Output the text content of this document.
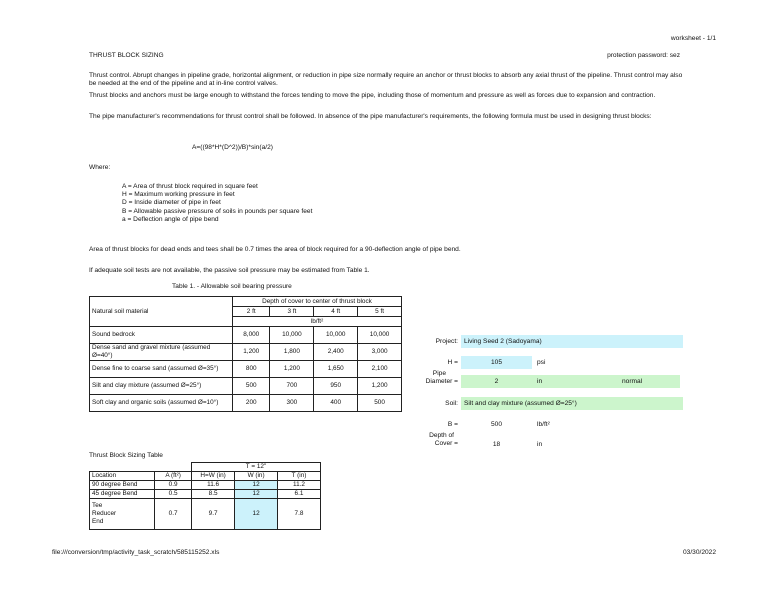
worksheet - 1/1
THRUST BLOCK SIZING	protection password: sez

Thrust control. Abrupt changes in pipeline grade, horizontal alignment, or reduction in pipe size normally require an anchor or thrust blocks to absorb any axial thrust of the pipeline. Thrust control may also be needed at the end of the pipeline and at in-line control valves.

Thrust blocks and anchors must be large enough to withstand the forces tending to move the pipe, including those of momentum and pressure as well as forces due to expansion and contraction.

The pipe manufacturer's recommendations for thrust control shall be followed. In absence of the pipe manufacturer's requirements, the following formula must be used in designing thrust blocks:

A=((98*H*(D^2))/B)*sin(a/2)
Where:
A = Area of thrust block required in square feet
H = Maximum working pressure in feet
D = Inside diameter of pipe in feet
B = Allowable passive pressure of soils in pounds per square feet
a = Deflection angle of pipe bend
Area of thrust blocks for dead ends and tees shall be 0.7 times the area of block required for a 90-deflection angle of pipe bend.
If adequate soil tests are not available, the passive soil pressure may be estimated from Table 1.
Table 1. - Allowable soil bearing pressure
Natural soil material	Depth of cover to center of thrust block			
	2 ft	3 ft	4 ft	5 ft
	lb/ft²			
Sound bedrock	8,000	10,000	10,000	10,000
Dense sand and gravel mixture (assumed Ø=40°)	1,200	1,800	2,400	3,000
Dense fine to coarse sand (assumed Ø=35°)	800	1,200	1,650	2,100
Silt and clay mixture (assumed Ø=25°)	500	700	950	1,200
Soft clay and organic soils (assumed Ø=10°)	200	300	400	500
Project: Living Seed 2 (Sadoyama)
H =	105	psi
Pipe
Diameter =	2	in	normal
Soil: Silt and clay mixture (assumed Ø=25°)
B =	500	lb/ft²
Depth of
Cover =	18	in
Thrust Block Sizing Table
		T = 12"		
Location	A (ft²)	H=W (in)	W (in)	T (in)
90 degree Bend	0.9	11.6	12	11.2
45 degree Bend	0.5	8.5	12	6.1
Tee
Reducer
End	0.7	9.7	12	7.8
file:///conversion/tmp/activity_task_scratch/585115252.xls	03/30/2022
